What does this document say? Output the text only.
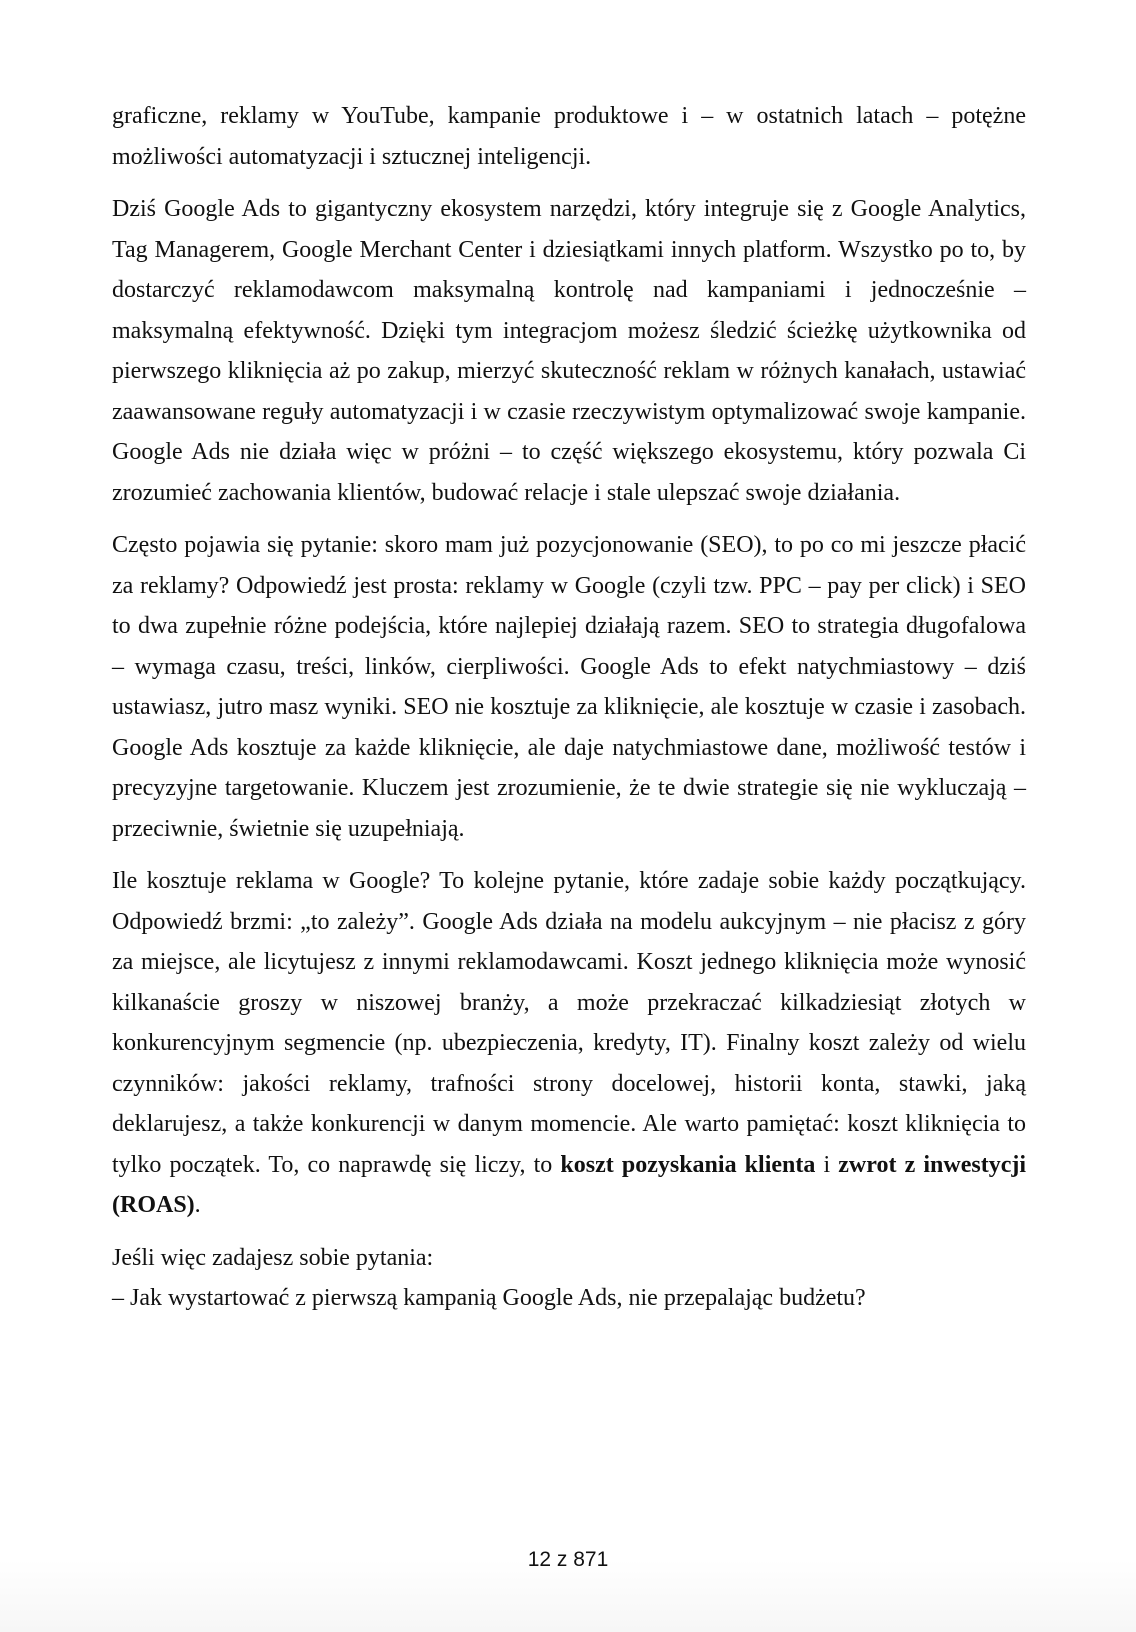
graficzne, reklamy w YouTube, kampanie produktowe i – w ostatnich latach – potężne możliwości automatyzacji i sztucznej inteligencji.

Dziś Google Ads to gigantyczny ekosystem narzędzi, który integruje się z Google Analytics, Tag Managerem, Google Merchant Center i dziesiątkami innych platform. Wszystko po to, by dostarczyć reklamodawcom maksymalną kontrolę nad kampaniami i jednocześnie – maksymalną efektywność. Dzięki tym integracjom możesz śledzić ścieżkę użytkownika od pierwszego kliknięcia aż po zakup, mierzyć skuteczność reklam w różnych kanałach, ustawiać zaawansowane reguły automatyzacji i w czasie rzeczywistym optymalizować swoje kampanie. Google Ads nie działa więc w próżni – to część większego ekosystemu, który pozwala Ci zrozumieć zachowania klientów, budować relacje i stale ulepszać swoje działania.

Często pojawia się pytanie: skoro mam już pozycjonowanie (SEO), to po co mi jeszcze płacić za reklamy? Odpowiedź jest prosta: reklamy w Google (czyli tzw. PPC – pay per click) i SEO to dwa zupełnie różne podejścia, które najlepiej działają razem. SEO to strategia długofalowa – wymaga czasu, treści, linków, cierpliwości. Google Ads to efekt natychmiastowy – dziś ustawiasz, jutro masz wyniki. SEO nie kosztuje za kliknięcie, ale kosztuje w czasie i zasobach. Google Ads kosztuje za każde kliknięcie, ale daje natychmiastowe dane, możliwość testów i precyzyjne targetowanie. Kluczem jest zrozumienie, że te dwie strategie się nie wykluczają – przeciwnie, świetnie się uzupełniają.

Ile kosztuje reklama w Google? To kolejne pytanie, które zadaje sobie każdy początkujący. Odpowiedź brzmi: „to zależy”. Google Ads działa na modelu aukcyjnym – nie płacisz z góry za miejsce, ale licytujesz z innymi reklamodawcami. Koszt jednego kliknięcia może wynosić kilkanaście groszy w niszowej branży, a może przekraczać kilkadziesiąt złotych w konkurencyjnym segmencie (np. ubezpieczenia, kredyty, IT). Finalny koszt zależy od wielu czynników: jakości reklamy, trafności strony docelowej, historii konta, stawki, jaką deklarujesz, a także konkurencji w danym momencie. Ale warto pamiętać: koszt kliknięcia to tylko początek. To, co naprawdę się liczy, to koszt pozyskania klienta i zwrot z inwestycji (ROAS).

Jeśli więc zadajesz sobie pytania:
– Jak wystartować z pierwszą kampanią Google Ads, nie przepalając budżetu?

12 z 871
